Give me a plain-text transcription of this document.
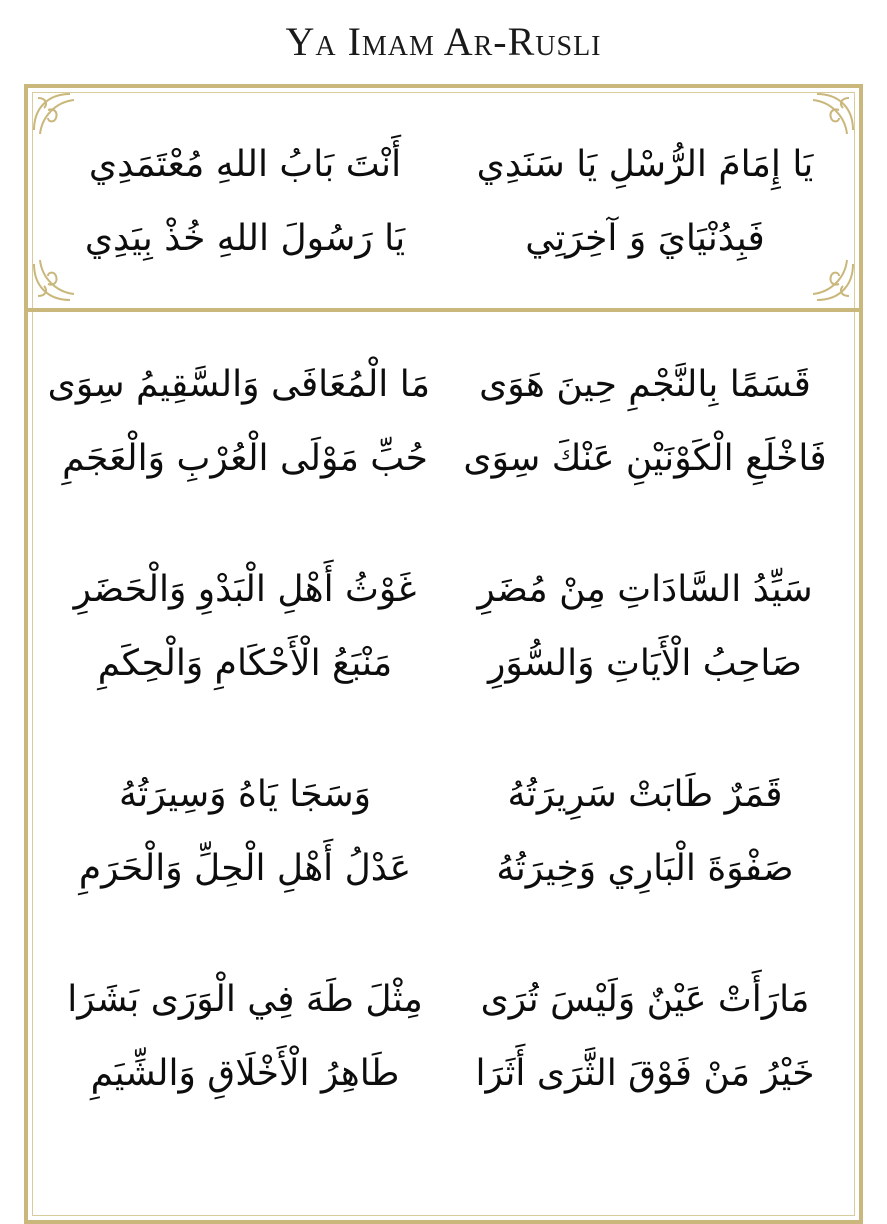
Ya Imam Ar-Rusli
يَا إِمَامَ الرُّسْلِ يَا سَنَدِي
أَنْتَ بَابُ اللهِ مُعْتَمَدِي
فَبِدُنْيَايَ وَ آخِرَتِي
يَا رَسُولَ اللهِ خُذْ بِيَدِي
قَسَمًا بِالنَّجْمِ حِينَ هَوَى
مَا الْمُعَافَى وَالسَّقِيمُ سِوَى
فَاخْلَعِ الْكَوْنَيْنِ عَنْكَ سِوَى
حُبِّ مَوْلَى الْعُرْبِ وَالْعَجَمِ
سَيِّدُ السَّادَاتِ مِنْ مُضَرِ
غَوْثُ أَهْلِ الْبَدْوِ وَالْحَضَرِ
صَاحِبُ الْأَيَاتِ وَالسُّوَرِ
مَنْبَعُ الْأَحْكَامِ وَالْحِكَمِ
قَمَرٌ طَابَتْ سَرِيرَتُهُ
وَسَجَا يَاهُ وَسِيرَتُهُ
صَفْوَةَ الْبَارِي وَخِيرَتُهُ
عَدْلُ أَهْلِ الْحِلِّ وَالْحَرَمِ
مَارَأَتْ عَيْنٌ وَلَيْسَ تُرَى
مِثْلَ طَهَ فِي الْوَرَى بَشَرَا
خَيْرُ مَنْ فَوْقَ الثَّرَى أَثَرَا
طَاهِرُ الْأَخْلَاقِ وَالشِّيَمِ
